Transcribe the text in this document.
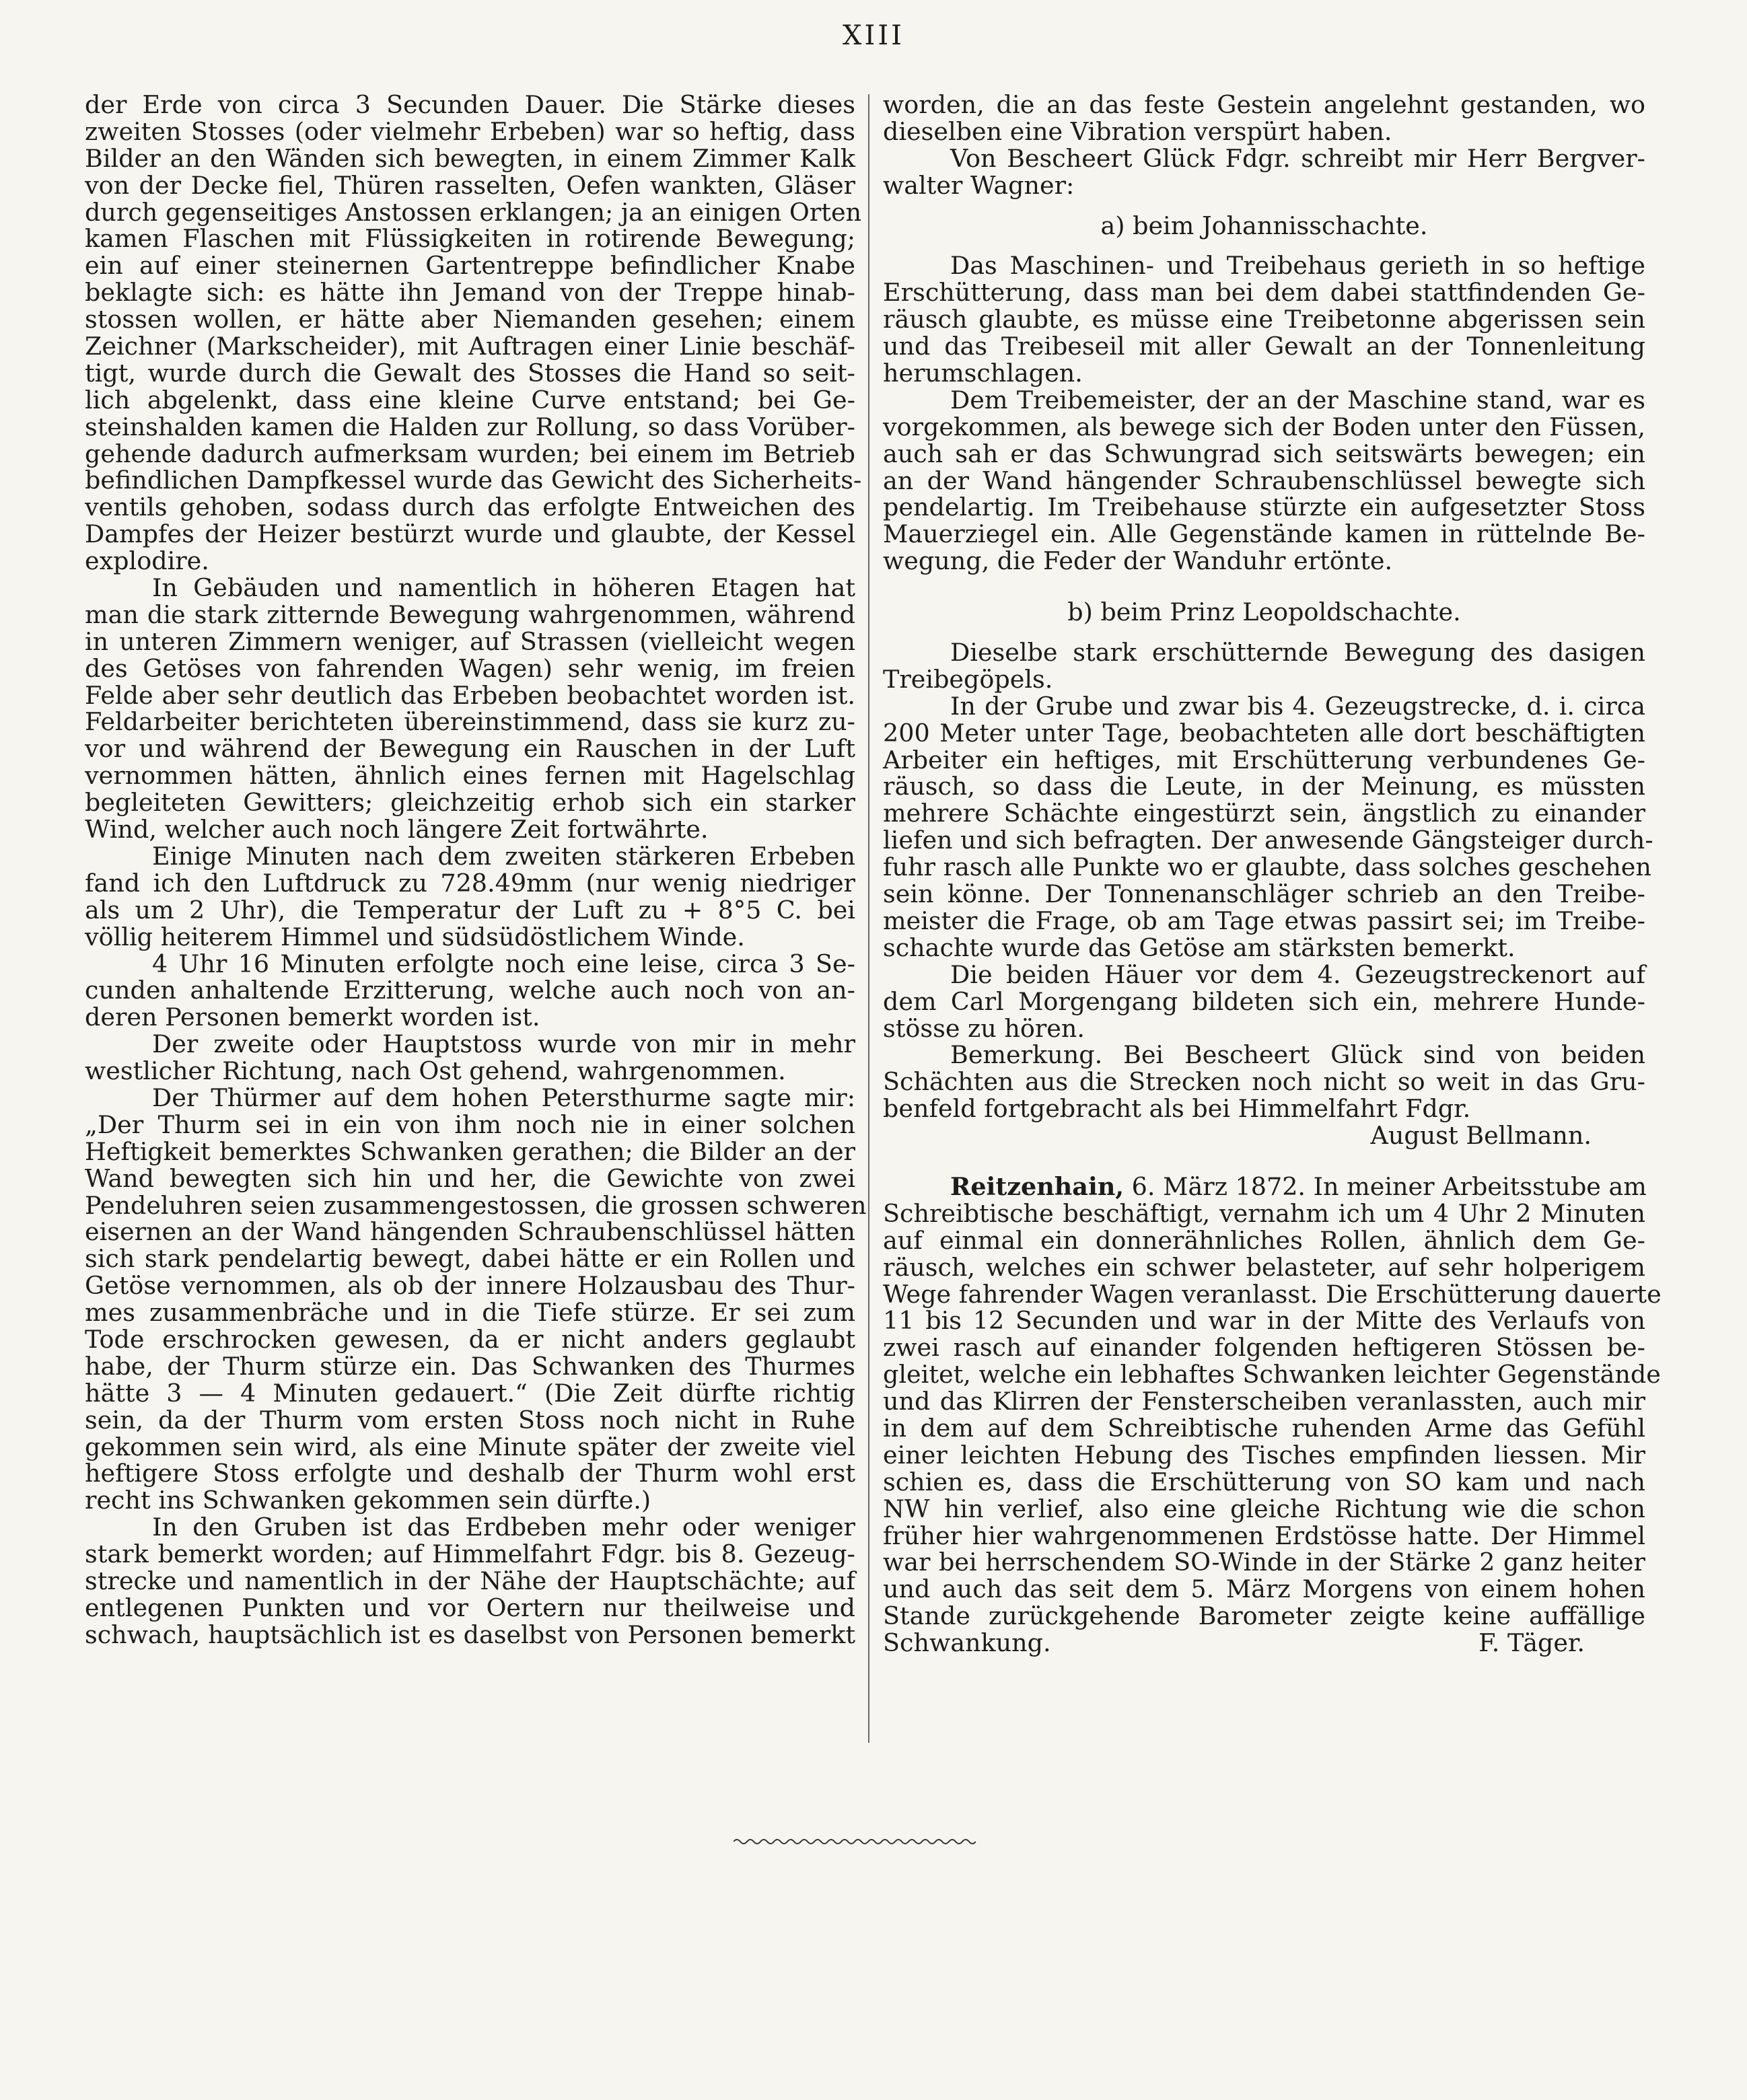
XIII
der Erde von circa 3 Secunden Dauer. Die Stärke dieses
zweiten Stosses (oder vielmehr Erbeben) war so heftig, dass
Bilder an den Wänden sich bewegten, in einem Zimmer Kalk
von der Decke fiel, Thüren rasselten, Oefen wankten, Gläser
durch gegenseitiges Anstossen erklangen; ja an einigen Orten
kamen Flaschen mit Flüssigkeiten in rotirende Bewegung;
ein auf einer steinernen Gartentreppe befindlicher Knabe
beklagte sich: es hätte ihn Jemand von der Treppe hinab-
stossen wollen, er hätte aber Niemanden gesehen; einem
Zeichner (Markscheider), mit Auftragen einer Linie beschäf-
tigt, wurde durch die Gewalt des Stosses die Hand so seit-
lich abgelenkt, dass eine kleine Curve entstand; bei Ge-
steinshalden kamen die Halden zur Rollung, so dass Vorüber-
gehende dadurch aufmerksam wurden; bei einem im Betrieb
befindlichen Dampfkessel wurde das Gewicht des Sicherheits-
ventils gehoben, sodass durch das erfolgte Entweichen des
Dampfes der Heizer bestürzt wurde und glaubte, der Kessel
explodire.
In Gebäuden und namentlich in höheren Etagen hat
man die stark zitternde Bewegung wahrgenommen, während
in unteren Zimmern weniger, auf Strassen (vielleicht wegen
des Getöses von fahrenden Wagen) sehr wenig, im freien
Felde aber sehr deutlich das Erbeben beobachtet worden ist.
Feldarbeiter berichteten übereinstimmend, dass sie kurz zu-
vor und während der Bewegung ein Rauschen in der Luft
vernommen hätten, ähnlich eines fernen mit Hagelschlag
begleiteten Gewitters; gleichzeitig erhob sich ein starker
Wind, welcher auch noch längere Zeit fortwährte.
Einige Minuten nach dem zweiten stärkeren Erbeben
fand ich den Luftdruck zu 728.49mm (nur wenig niedriger
als um 2 Uhr), die Temperatur der Luft zu + 8°5 C. bei
völlig heiterem Himmel und südsüdöstlichem Winde.
4 Uhr 16 Minuten erfolgte noch eine leise, circa 3 Se-
cunden anhaltende Erzitterung, welche auch noch von an-
deren Personen bemerkt worden ist.
Der zweite oder Hauptstoss wurde von mir in mehr
westlicher Richtung, nach Ost gehend, wahrgenommen.
Der Thürmer auf dem hohen Petersthurme sagte mir:
„Der Thurm sei in ein von ihm noch nie in einer solchen
Heftigkeit bemerktes Schwanken gerathen; die Bilder an der
Wand bewegten sich hin und her, die Gewichte von zwei
Pendeluhren seien zusammengestossen, die grossen schweren
eisernen an der Wand hängenden Schraubenschlüssel hätten
sich stark pendelartig bewegt, dabei hätte er ein Rollen und
Getöse vernommen, als ob der innere Holzausbau des Thur-
mes zusammenbräche und in die Tiefe stürze. Er sei zum
Tode erschrocken gewesen, da er nicht anders geglaubt
habe, der Thurm stürze ein. Das Schwanken des Thurmes
hätte 3 — 4 Minuten gedauert.“ (Die Zeit dürfte richtig
sein, da der Thurm vom ersten Stoss noch nicht in Ruhe
gekommen sein wird, als eine Minute später der zweite viel
heftigere Stoss erfolgte und deshalb der Thurm wohl erst
recht ins Schwanken gekommen sein dürfte.)
In den Gruben ist das Erdbeben mehr oder weniger
stark bemerkt worden; auf Himmelfahrt Fdgr. bis 8. Gezeug-
strecke und namentlich in der Nähe der Hauptschächte; auf
entlegenen Punkten und vor Oertern nur theilweise und
schwach, hauptsächlich ist es daselbst von Personen bemerkt
worden, die an das feste Gestein angelehnt gestanden, wo
dieselben eine Vibration verspürt haben.
Von Bescheert Glück Fdgr. schreibt mir Herr Bergver-
walter Wagner:
a) beim Johannisschachte.
Das Maschinen- und Treibehaus gerieth in so heftige
Erschütterung, dass man bei dem dabei stattfindenden Ge-
räusch glaubte, es müsse eine Treibetonne abgerissen sein
und das Treibeseil mit aller Gewalt an der Tonnenleitung
herumschlagen.
Dem Treibemeister, der an der Maschine stand, war es
vorgekommen, als bewege sich der Boden unter den Füssen,
auch sah er das Schwungrad sich seitswärts bewegen; ein
an der Wand hängender Schraubenschlüssel bewegte sich
pendelartig. Im Treibehause stürzte ein aufgesetzter Stoss
Mauerziegel ein. Alle Gegenstände kamen in rüttelnde Be-
wegung, die Feder der Wanduhr ertönte.
b) beim Prinz Leopoldschachte.
Dieselbe stark erschütternde Bewegung des dasigen
Treibegöpels.
In der Grube und zwar bis 4. Gezeugstrecke, d. i. circa
200 Meter unter Tage, beobachteten alle dort beschäftigten
Arbeiter ein heftiges, mit Erschütterung verbundenes Ge-
räusch, so dass die Leute, in der Meinung, es müssten
mehrere Schächte eingestürzt sein, ängstlich zu einander
liefen und sich befragten. Der anwesende Gängsteiger durch-
fuhr rasch alle Punkte wo er glaubte, dass solches geschehen
sein könne. Der Tonnenanschläger schrieb an den Treibe-
meister die Frage, ob am Tage etwas passirt sei; im Treibe-
schachte wurde das Getöse am stärksten bemerkt.
Die beiden Häuer vor dem 4. Gezeugstreckenort auf
dem Carl Morgengang bildeten sich ein, mehrere Hunde-
stösse zu hören.
Bemerkung. Bei Bescheert Glück sind von beiden
Schächten aus die Strecken noch nicht so weit in das Gru-
benfeld fortgebracht als bei Himmelfahrt Fdgr.
August Bellmann.
Reitzenhain, 6. März 1872. In meiner Arbeitsstube am
Schreibtische beschäftigt, vernahm ich um 4 Uhr 2 Minuten
auf einmal ein donnerähnliches Rollen, ähnlich dem Ge-
räusch, welches ein schwer belasteter, auf sehr holperigem
Wege fahrender Wagen veranlasst. Die Erschütterung dauerte
11 bis 12 Secunden und war in der Mitte des Verlaufs von
zwei rasch auf einander folgenden heftigeren Stössen be-
gleitet, welche ein lebhaftes Schwanken leichter Gegenstände
und das Klirren der Fensterscheiben veranlassten, auch mir
in dem auf dem Schreibtische ruhenden Arme das Gefühl
einer leichten Hebung des Tisches empfinden liessen. Mir
schien es, dass die Erschütterung von SO kam und nach
NW hin verlief, also eine gleiche Richtung wie die schon
früher hier wahrgenommenen Erdstösse hatte. Der Himmel
war bei herrschendem SO-Winde in der Stärke 2 ganz heiter
und auch das seit dem 5. März Morgens von einem hohen
Stande zurückgehende Barometer zeigte keine auffällige
Schwankung.	F. Täger.
